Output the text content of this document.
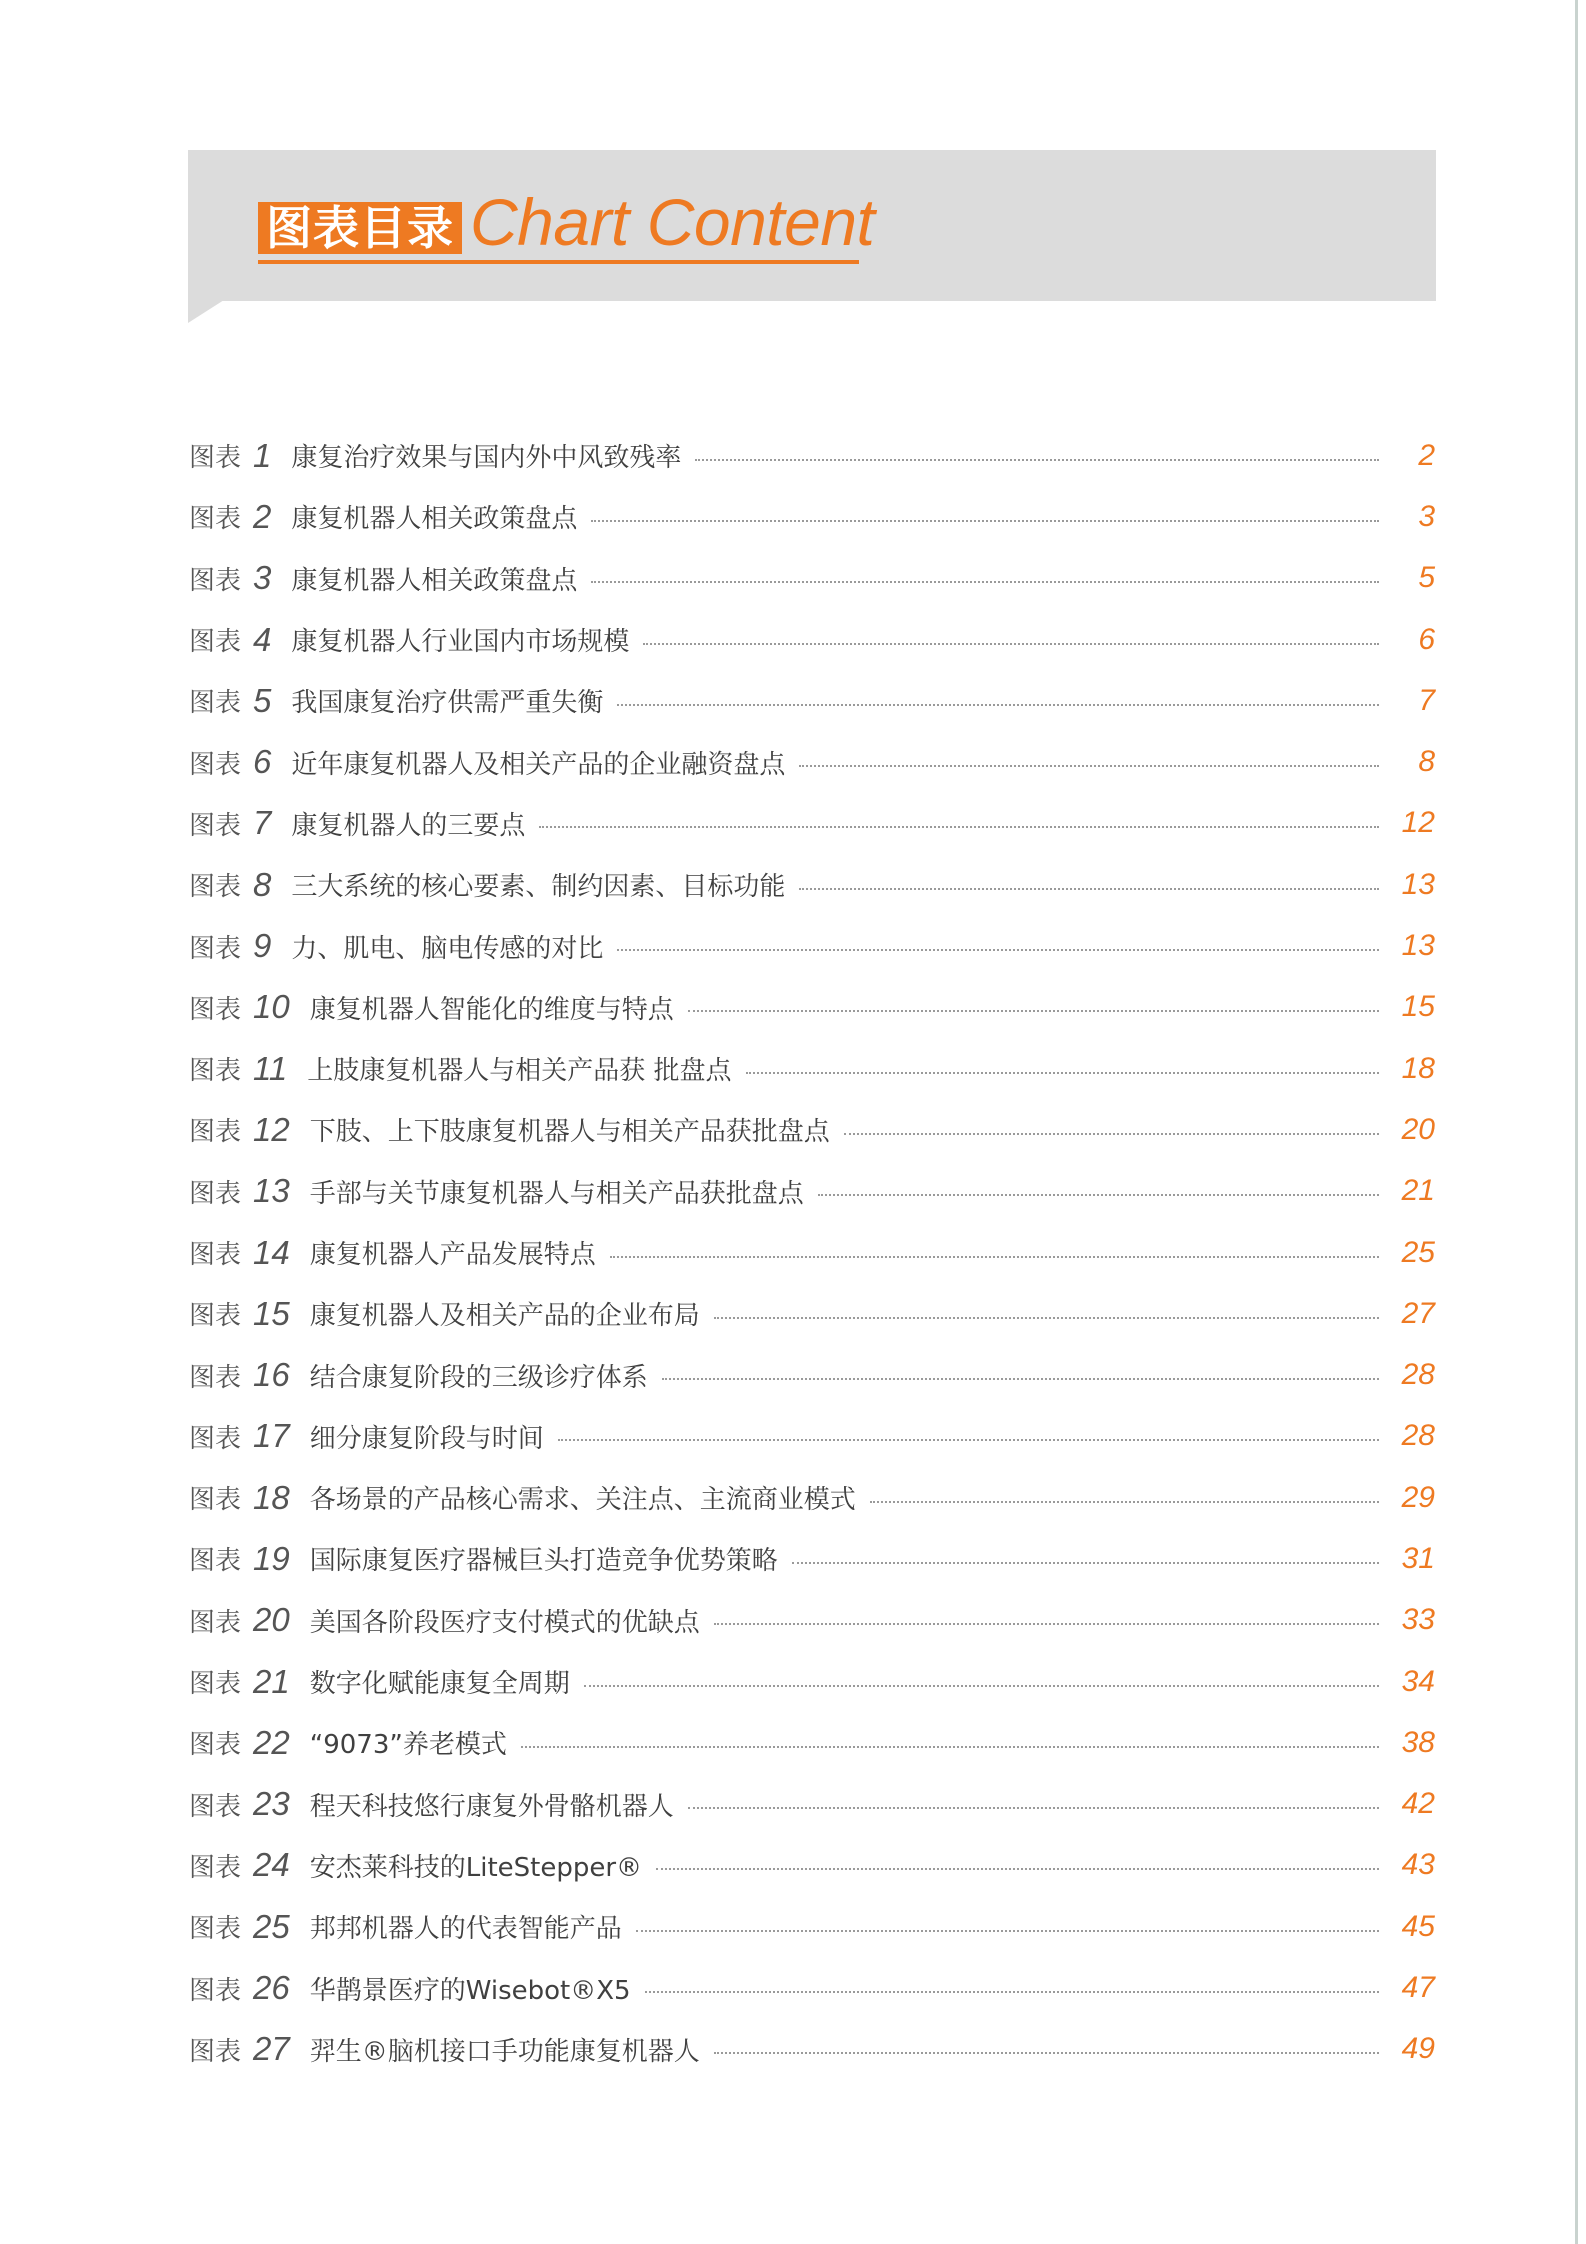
图表目录 Chart Content
图表 1 康复治疗效果与国内外中风致残率	2
图表 2 康复机器人相关政策盘点	3
图表 3 康复机器人相关政策盘点	5
图表 4 康复机器人行业国内市场规模	6
图表 5 我国康复治疗供需严重失衡	7
图表 6 近年康复机器人及相关产品的企业融资盘点	8
图表 7 康复机器人的三要点	12
图表 8 三大系统的核心要素、制约因素、目标功能	13
图表 9 力、肌电、脑电传感的对比	13
图表 10 康复机器人智能化的维度与特点	15
图表 11 上肢康复机器人与相关产品获 批盘点	18
图表 12 下肢、上下肢康复机器人与相关产品获批盘点	20
图表 13 手部与关节康复机器人与相关产品获批盘点	21
图表 14 康复机器人产品发展特点	25
图表 15 康复机器人及相关产品的企业布局	27
图表 16 结合康复阶段的三级诊疗体系	28
图表 17 细分康复阶段与时间	28
图表 18 各场景的产品核心需求、关注点、主流商业模式	29
图表 19 国际康复医疗器械巨头打造竞争优势策略	31
图表 20 美国各阶段医疗支付模式的优缺点	33
图表 21 数字化赋能康复全周期	34
图表 22 “9073”养老模式	38
图表 23 程天科技悠行康复外骨骼机器人	42
图表 24 安杰莱科技的LiteStepper®	43
图表 25 邦邦机器人的代表智能产品	45
图表 26 华鹊景医疗的Wisebot®X5	47
图表 27 羿生®脑机接口手功能康复机器人	49
